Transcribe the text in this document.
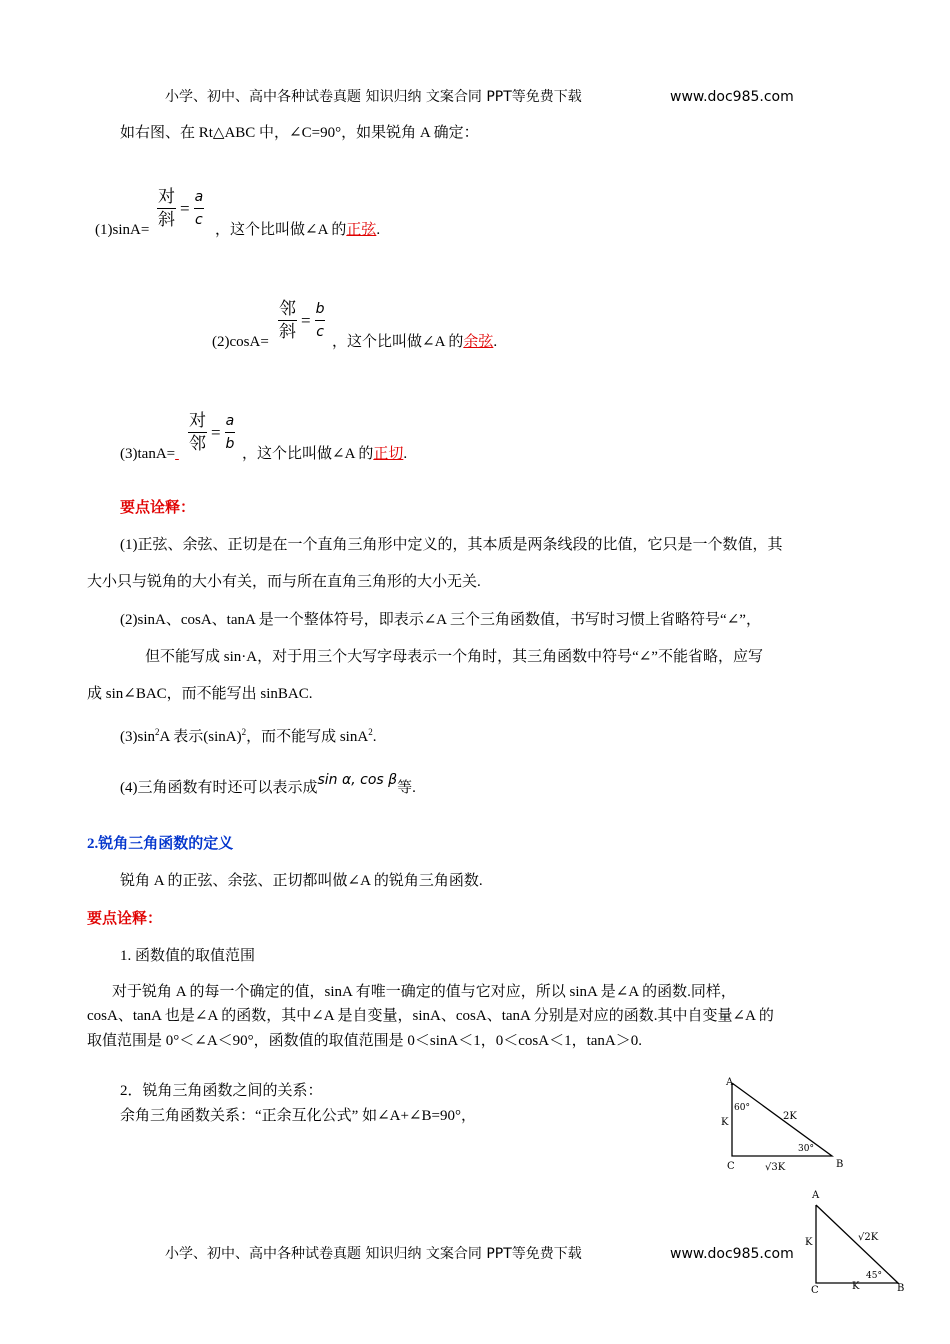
小学、初中、高中各种试卷真题 知识归纳 文案合同 PPT等免费下载	www.doc985.com
如右图、在 Rt△ABC 中，∠C=90°，如果锐角 A 确定：
(1)sinA=
对
斜
= $\frac{a}{c}$ ，这个比叫做∠A 的正弦.
(2)cosA=
邻
斜
= $\frac{b}{c}$ ，这个比叫做∠A 的余弦.
(3)tanA=
对
邻
= $\frac{a}{b}$ ，这个比叫做∠A 的正切.
要点诠释：
(1)正弦、余弦、正切是在一个直角三角形中定义的，其本质是两条线段的比值，它只是一个数值，其
大小只与锐角的大小有关，而与所在直角三角形的大小无关.
(2)sinA、cosA、tanA 是一个整体符号，即表示∠A 三个三角函数值，书写时习惯上省略符号“∠”，
但不能写成 sin·A，对于用三个大写字母表示一个角时，其三角函数中符号“∠”不能省略，应写
成 sin∠BAC，而不能写出 sinBAC.
$(3)\sin^2A$ 表示$(\sin A)^2$，而不能写成 sinA$^2$.
(4)三角函数有时还可以表示成sin α, cos β等.
2.锐角三角函数的定义
锐角 A 的正弦、余弦、正切都叫做∠A 的锐角三角函数.
要点诠释：
1. 函数值的取值范围
对于锐角 A 的每一个确定的值，sinA 有唯一确定的值与它对应，所以 sinA 是∠A 的函数.同样，
cosA、tanA 也是∠A 的函数，其中∠A 是自变量，sinA、cosA、tanA 分别是对应的函数.其中自变量∠A 的
取值范围是 0°＜∠A＜90°，函数值的取值范围是 0＜sinA＜1，0＜cosA＜1，tanA＞0.
2．锐角三角函数之间的关系：
余角三角函数关系：“正余互化公式” 如∠A+∠B=90°，
小学、初中、高中各种试卷真题 知识归纳 文案合同 PPT等免费下载	www.doc985.com
A
C	B
K
2K
√3K
60°
30°
A
C	B
K	√2K
K
45°
